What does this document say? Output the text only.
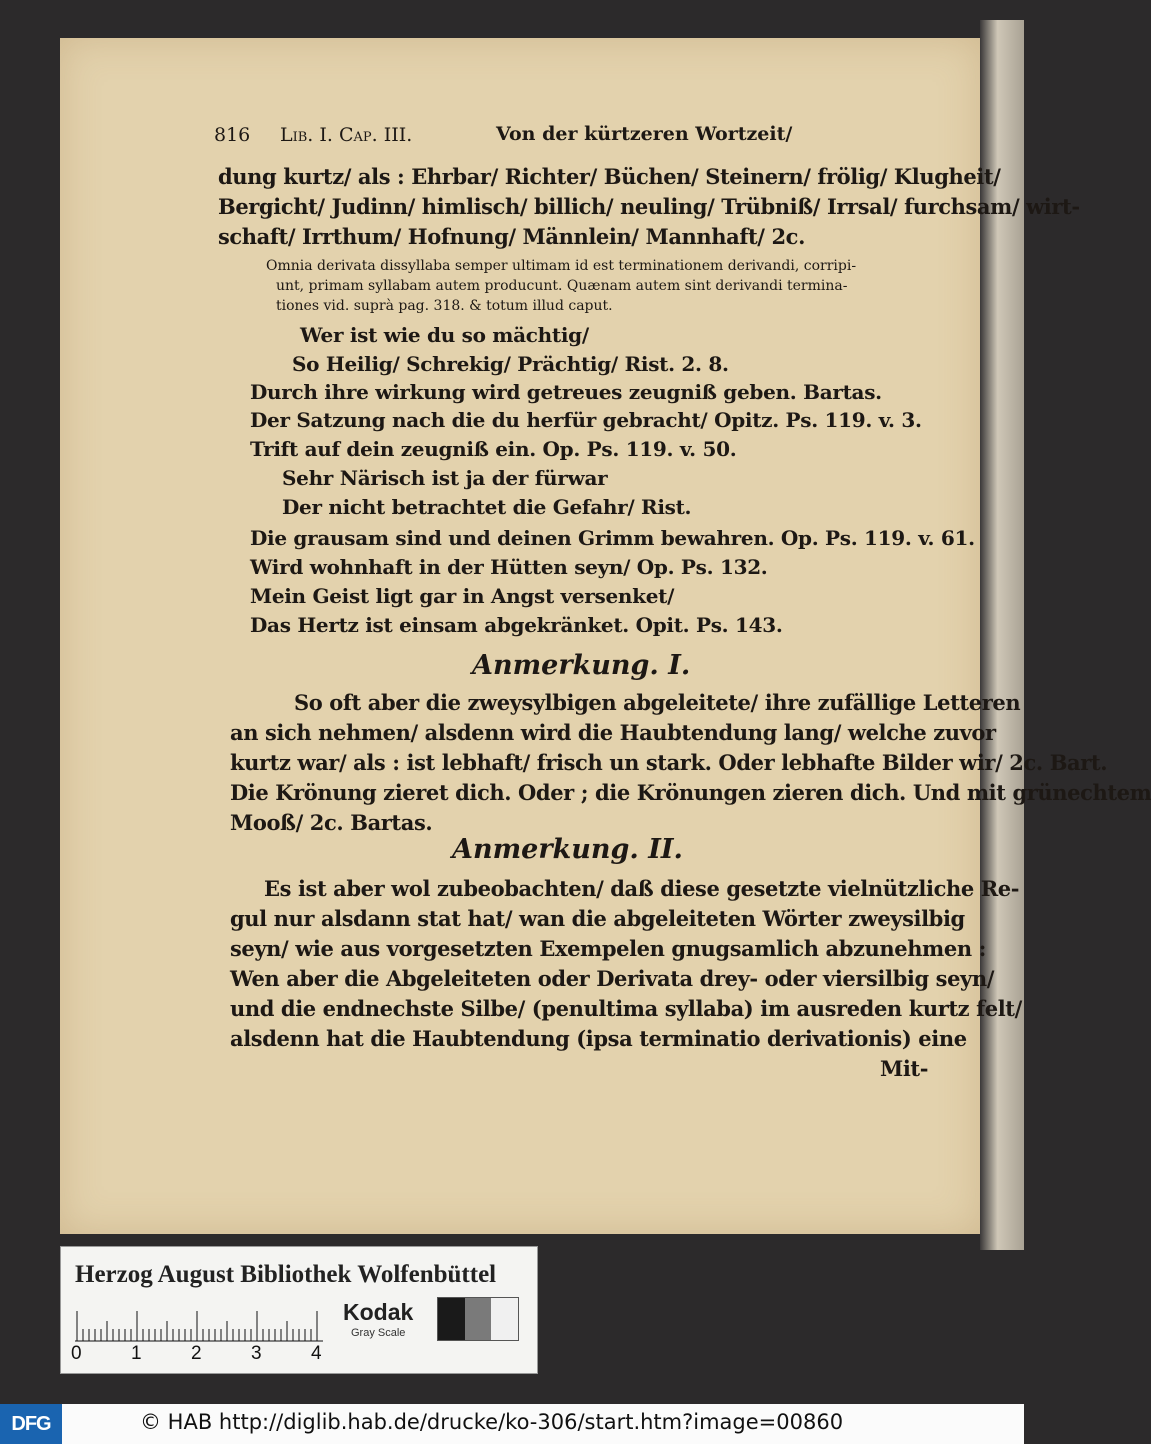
816 Lib. I. Cap. III.	Von der kürtzeren Wortzeit/
dung kurtz/ als : Ehrbar/ Richter/ Büchen/ Steinern/ frölig/ Klugheit/
Bergicht/ Judinn/ himlisch/ billich/ neuling/ Trübniß/ Irrsal/ furchsam/ wirt-
schaft/ Irrthum/ Hofnung/ Männlein/ Mannhaft/ 2c.
Omnia derivata dissyllaba semper ultimam id est terminationem derivandi, corripi-
unt, primam syllabam autem producunt. Quænam autem sint derivandi termina-
tiones vid. suprà pag. 318. & totum illud caput.
Wer ist wie du so mächtig/
So Heilig/ Schrekig/ Prächtig/ Rist. 2. 8.
Durch ihre wirkung wird getreues zeugniß geben. Bartas.
Der Satzung nach die du herfür gebracht/ Opitz. Ps. 119. v. 3.
Trift auf dein zeugniß ein. Op. Ps. 119. v. 50.
Sehr Närisch ist ja der fürwar
Der nicht betrachtet die Gefahr/ Rist.
Die grausam sind und deinen Grimm bewahren. Op. Ps. 119. v. 61.
Wird wohnhaft in der Hütten seyn/ Op. Ps. 132.
Mein Geist ligt gar in Angst versenket/
Das Hertz ist einsam abgekränket. Opit. Ps. 143.
Anmerkung. I.
So oft aber die zweysylbigen abgeleitete/ ihre zufällige Letteren
an sich nehmen/ alsdenn wird die Haubtendung lang/ welche zuvor
kurtz war/ als : ist lebhaft/ frisch un stark. Oder lebhafte Bilder wir/ 2c. Bart.
Die Krönung zieret dich. Oder ; die Krönungen zieren dich. Und mit grünechtem
Mooß/ 2c. Bartas.
Anmerkung. II.
Es ist aber wol zubeobachten/ daß diese gesetzte vielnützliche Re-
gul nur alsdann stat hat/ wan die abgeleiteten Wörter zweysilbig
seyn/ wie aus vorgesetzten Exempelen gnugsamlich abzunehmen :
Wen aber die Abgeleiteten oder Derivata drey- oder viersilbig seyn/
und die endnechste Silbe/ (penultima syllaba) im ausreden kurtz felt/
alsdenn hat die Haubtendung (ipsa terminatio derivationis) eine
Mit-
Herzog August Bibliothek Wolfenbüttel
0	1	2	3	4
Kodak
Gray Scale
DFG	© HAB http://diglib.hab.de/drucke/ko-306/start.htm?image=00860
